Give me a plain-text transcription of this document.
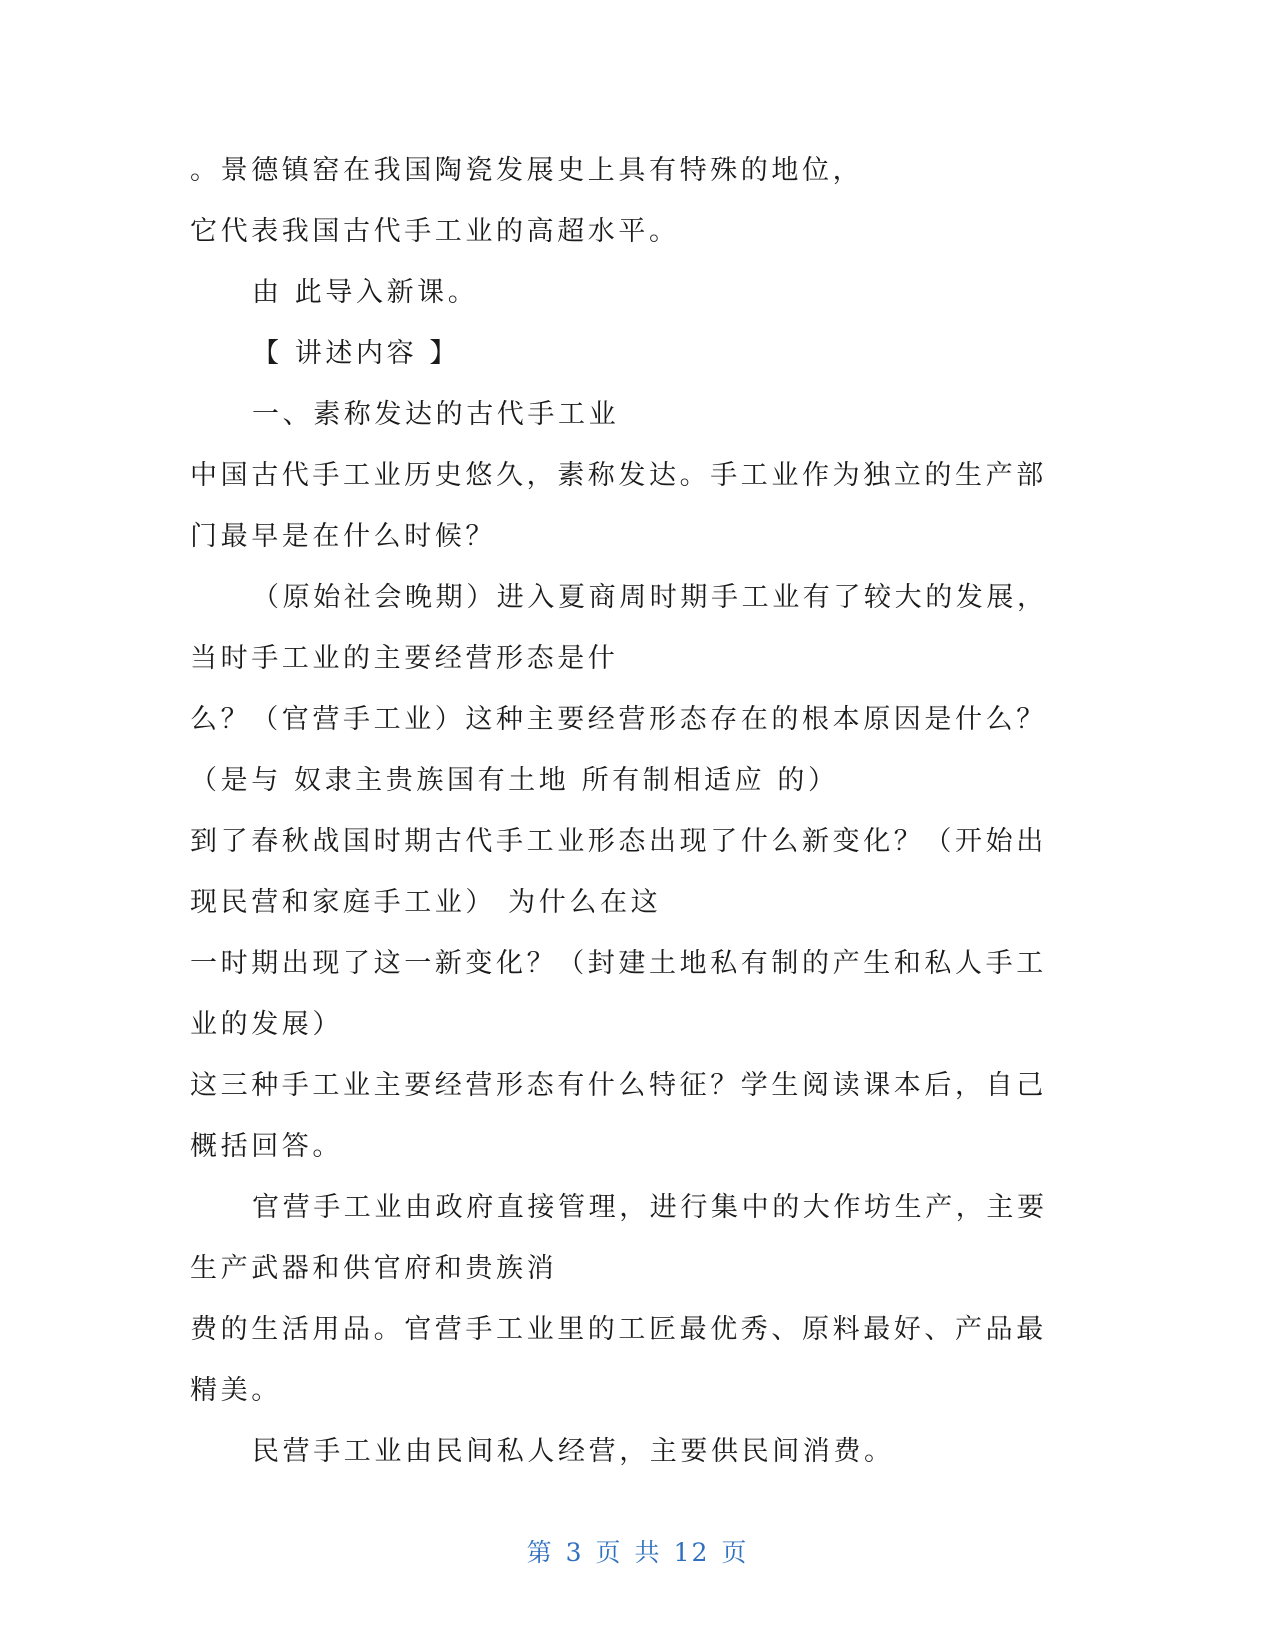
。景德镇窑在我国陶瓷发展史上具有特殊的地位，
它代表我国古代手工业的高超水平。
由 此导入新课。
【 讲述内容 】
一、素称发达的古代手工业
中国古代手工业历史悠久，素称发达。手工业作为独立的生产部
门最早是在什么时候？
（原始社会晚期）进入夏商周时期手工业有了较大的发展，
当时手工业的主要经营形态是什
么？（官营手工业）这种主要经营形态存在的根本原因是什么？
（是与 奴隶主贵族国有土地 所有制相适应 的）
到了春秋战国时期古代手工业形态出现了什么新变化？（开始出
现民营和家庭手工业） 为什么在这
一时期出现了这一新变化？（封建土地私有制的产生和私人手工
业的发展）
这三种手工业主要经营形态有什么特征？学生阅读课本后，自己
概括回答。
官营手工业由政府直接管理，进行集中的大作坊生产，主要
生产武器和供官府和贵族消
费的生活用品。官营手工业里的工匠最优秀、原料最好、产品最
精美。
民营手工业由民间私人经营，主要供民间消费。
第 3 页 共 12 页
